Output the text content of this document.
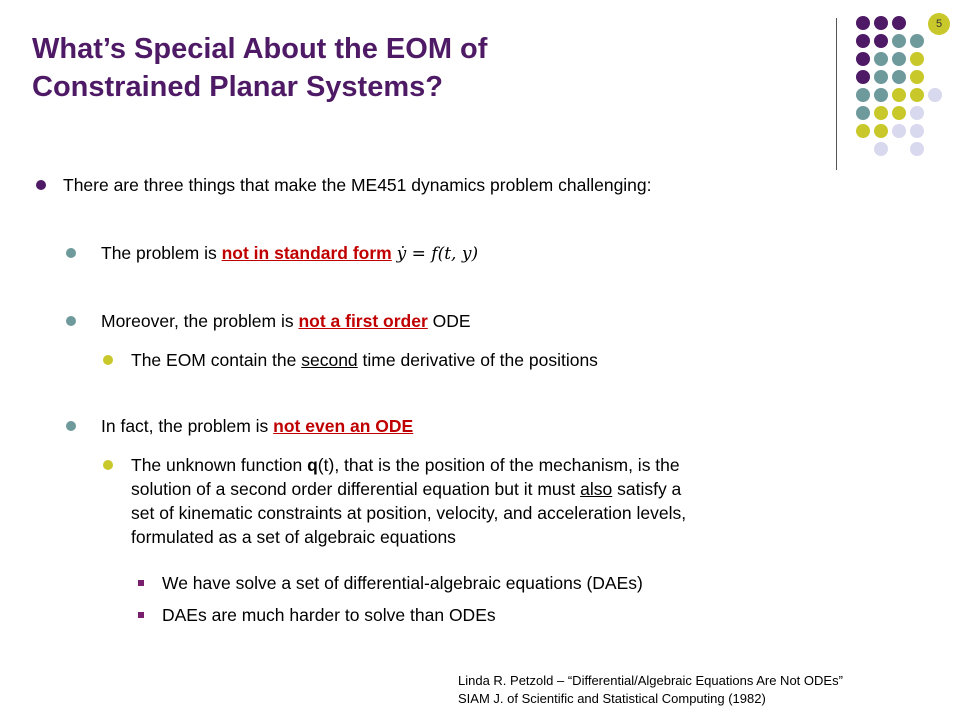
What’s Special About the EOM of
Constrained Planar Systems?
5
There are three things that make the ME451 dynamics problem challenging:
The problem is not in standard form ẏ = f(t, y)
Moreover, the problem is not a first order ODE
The EOM contain the second time derivative of the positions
In fact, the problem is not even an ODE
The unknown function q(t), that is the position of the mechanism, is the
solution of a second order differential equation but it must also satisfy a
set of kinematic constraints at position, velocity, and acceleration levels,
formulated as a set of algebraic equations
We have solve a set of differential-algebraic equations (DAEs)
DAEs are much harder to solve than ODEs
Linda R. Petzold – “Differential/Algebraic Equations Are Not ODEs”
SIAM J. of Scientific and Statistical Computing (1982)
